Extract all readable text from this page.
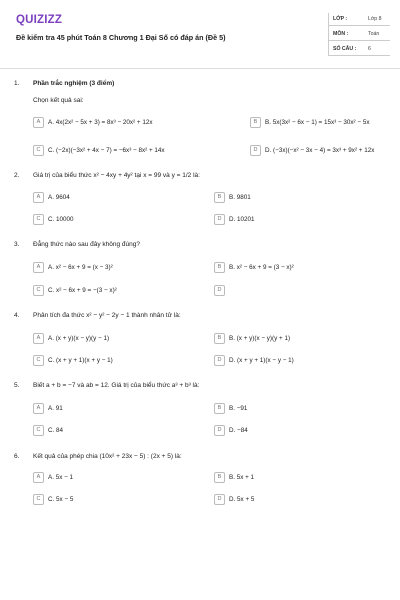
QUIZIZZ
Đề kiểm tra 45 phút Toán 8 Chương 1 Đại Số có đáp án (Đề 5)
LỚP :	Lớp 8
MÔN :	Toán
SỐ CÂU : 6
1. Phần trắc nghiệm (3 điểm)
Chọn kết quả sai:
A	A. 4x(2x² − 5x + 3) = 8x³ − 20x² + 12x	B	B. 5x(3x² − 6x − 1) = 15x³ − 30x² − 5x
C	C. (−2x)(−3x² + 4x − 7) = −6x³ − 8x² + 14x	D	D. (−3x)(−x² − 3x − 4) = 3x³ + 9x² + 12x
2. Giá trị của biểu thức x² − 4xy + 4y² tại x = 99 và y = 1/2 là:
A	A. 9604	B	B. 9801
C	C. 10000	D	D. 10201
3. Đẳng thức nào sau đây không đúng?
A	A. x² − 6x + 9 = (x − 3)²	B	B. x² − 6x + 9 = (3 − x)²
C	C. x² − 6x + 9 = −(3 − x)²	D
4. Phân tích đa thức x² − y² − 2y − 1 thành nhân tử là:
A	A. (x + y)(x − y)(y − 1)	B	B. (x + y)(x − y)(y + 1)
C	C. (x + y + 1)(x + y − 1)	D	D. (x + y + 1)(x − y − 1)
5. Biết a + b = −7 và ab = 12. Giá trị của biểu thức a³ + b³ là:
A	A. 91	B	B. −91
C	C. 84	D	D. −84
6. Kết quả của phép chia (10x² + 23x − 5) : (2x + 5) là:
A	A. 5x − 1	B	B. 5x + 1
C	C. 5x − 5	D	D. 5x + 5
